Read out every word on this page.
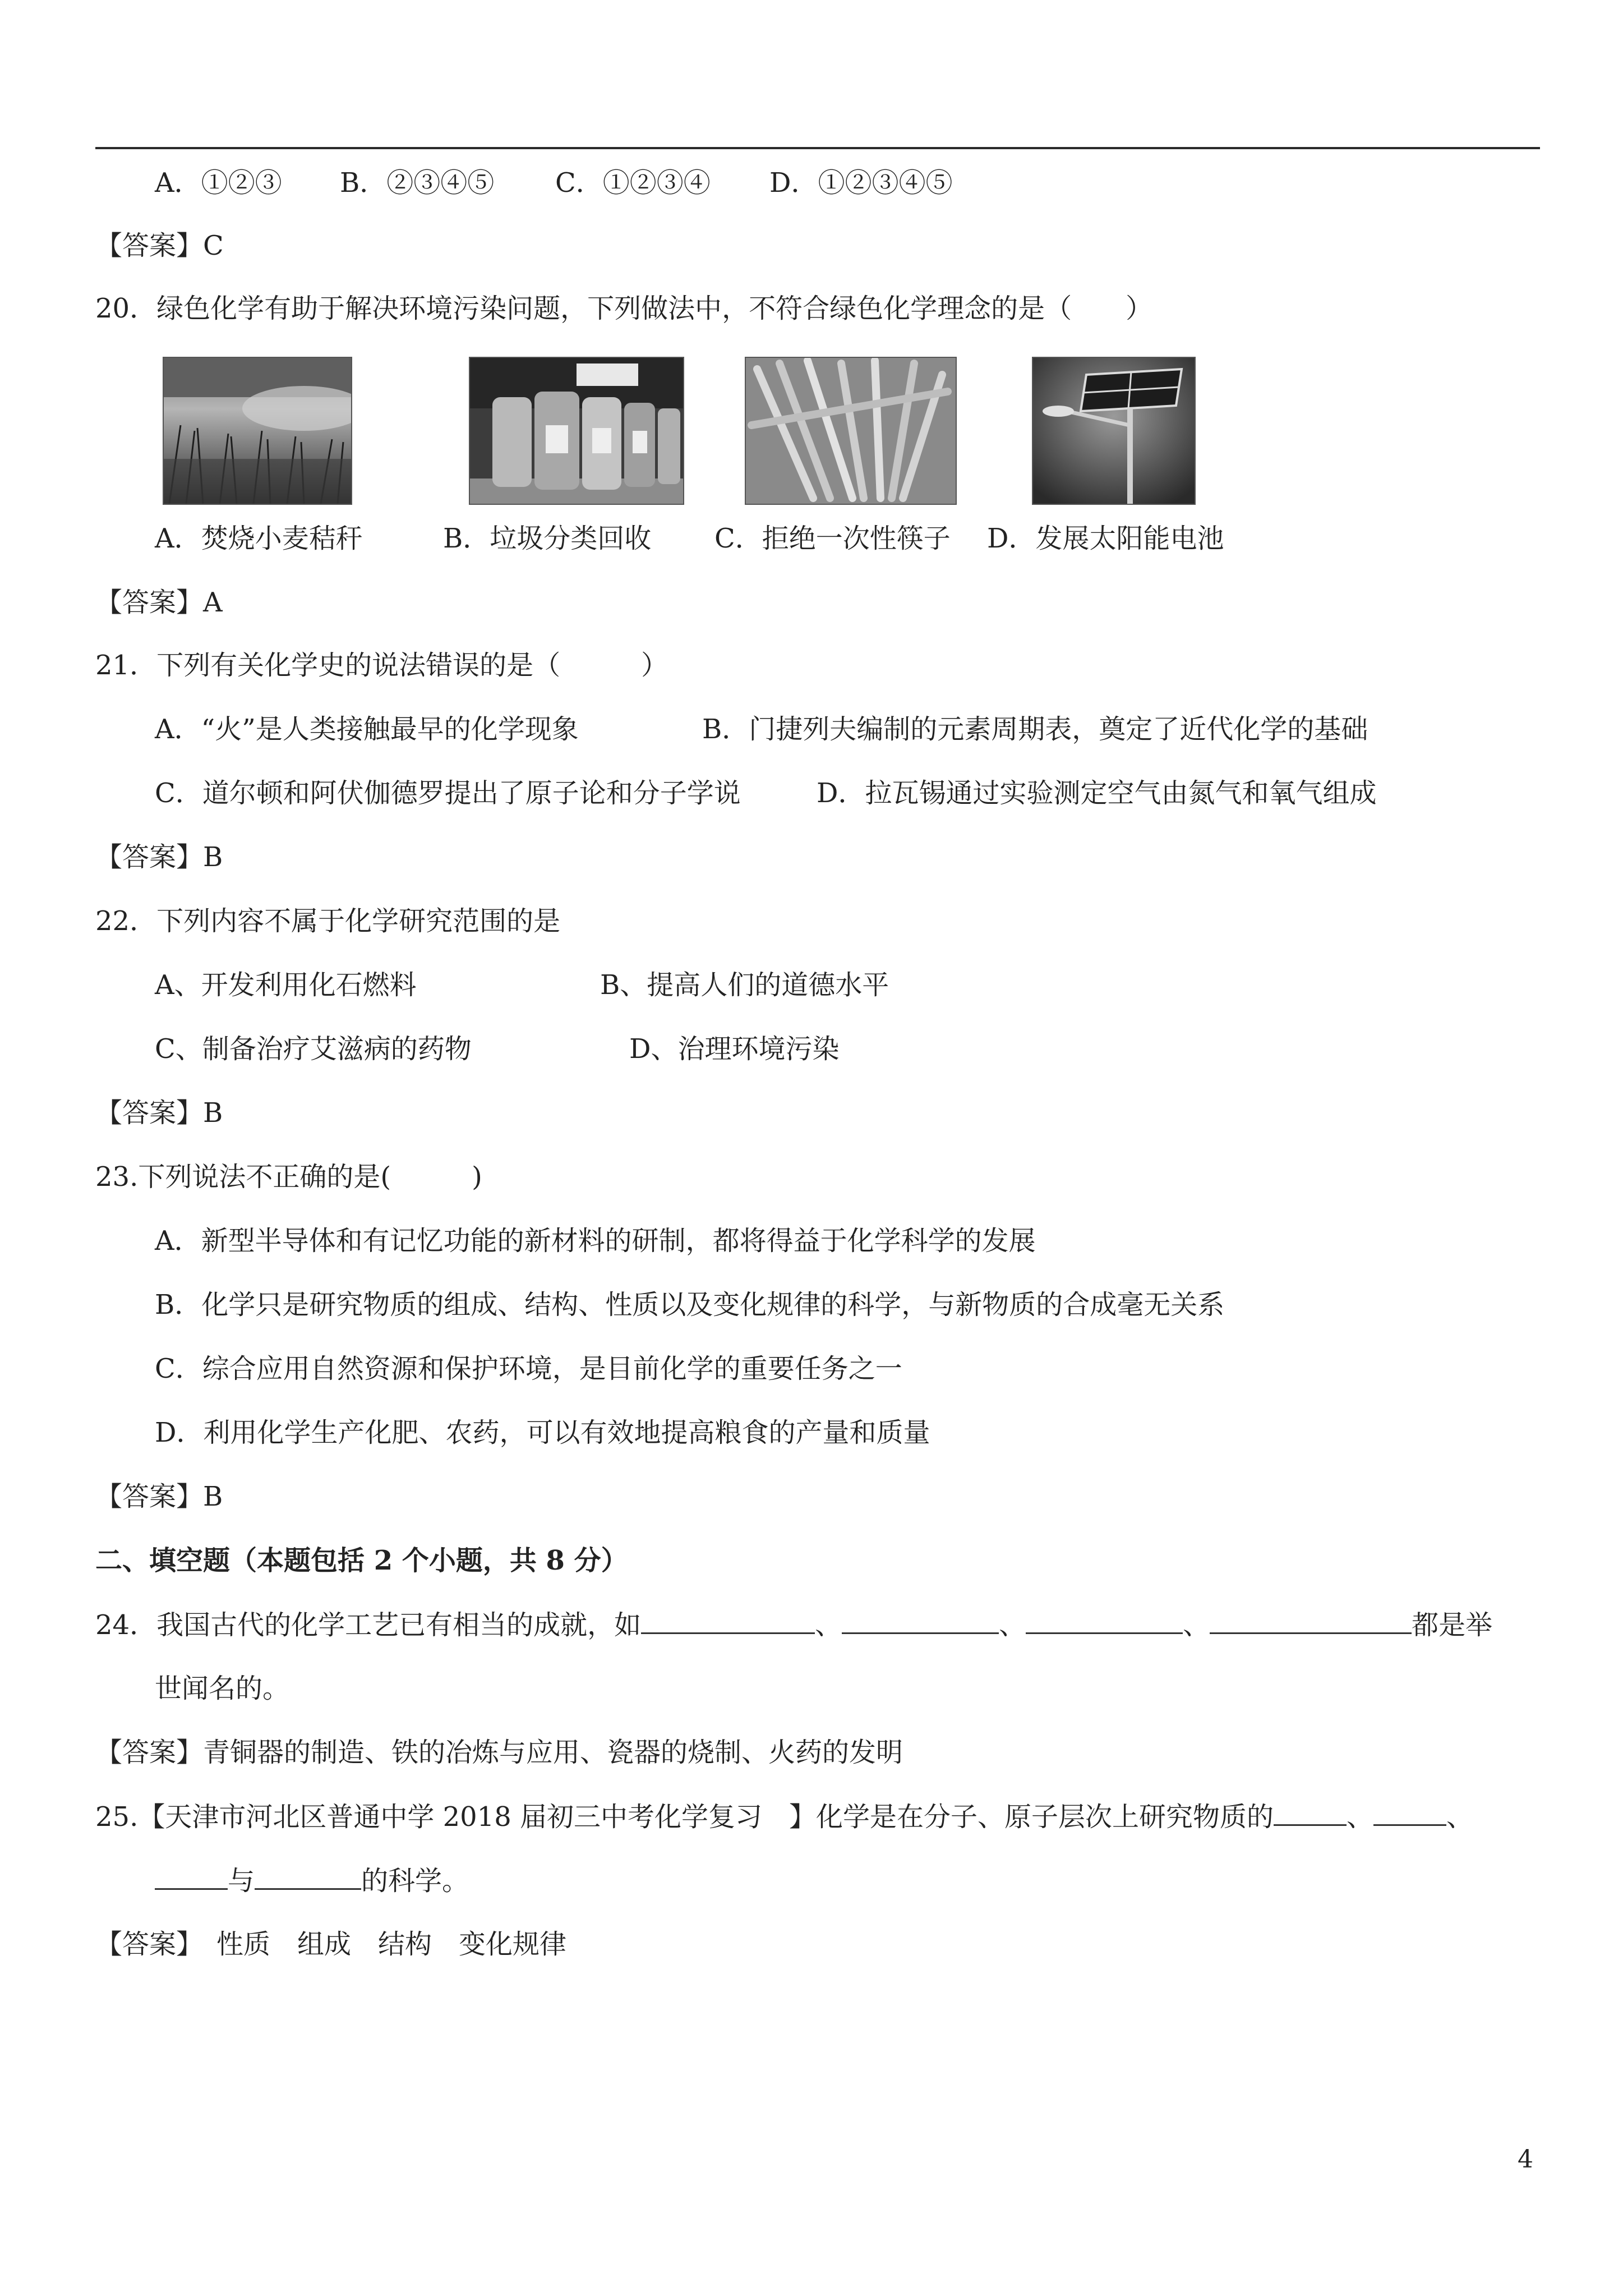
A．①②③ B．②③④⑤ C．①②③④ D．①②③④⑤
【答案】C
20．绿色化学有助于解决环境污染问题，下列做法中，不符合绿色化学理念的是（　　）
A．焚烧小麦秸秆	B．垃圾分类回收 C．拒绝一次性筷子 D．发展太阳能电池
【答案】A
21．下列有关化学史的说法错误的是（　　　）
A．“火”是人类接触最早的化学现象	B．门捷列夫编制的元素周期表，奠定了近代化学的基础
C．道尔顿和阿伏伽德罗提出了原子论和分子学说	D．拉瓦锡通过实验测定空气由氮气和氧气组成
【答案】B
22．下列内容不属于化学研究范围的是
A、开发利用化石燃料	B、提高人们的道德水平
C、制备治疗艾滋病的药物	D、治理环境污染
【答案】B
23.下列说法不正确的是(　　　)
A．新型半导体和有记忆功能的新材料的研制，都将得益于化学科学的发展
B．化学只是研究物质的组成、结构、性质以及变化规律的科学，与新物质的合成毫无关系
C．综合应用自然资源和保护环境，是目前化学的重要任务之一
D．利用化学生产化肥、农药，可以有效地提高粮食的产量和质量
【答案】B
二、填空题（本题包括 2 个小题，共 8 分）
24．我国古代的化学工艺已有相当的成就，如	、	、	、	都是举
世闻名的。
【答案】青铜器的制造、铁的冶炼与应用、瓷器的烧制、火药的发明
25.【天津市河北区普通中学 2018 届初三中考化学复习　】化学是在分子、原子层次上研究物质的	、	、
与	的科学。
【答案】　性质　组成　结构　变化规律
4
